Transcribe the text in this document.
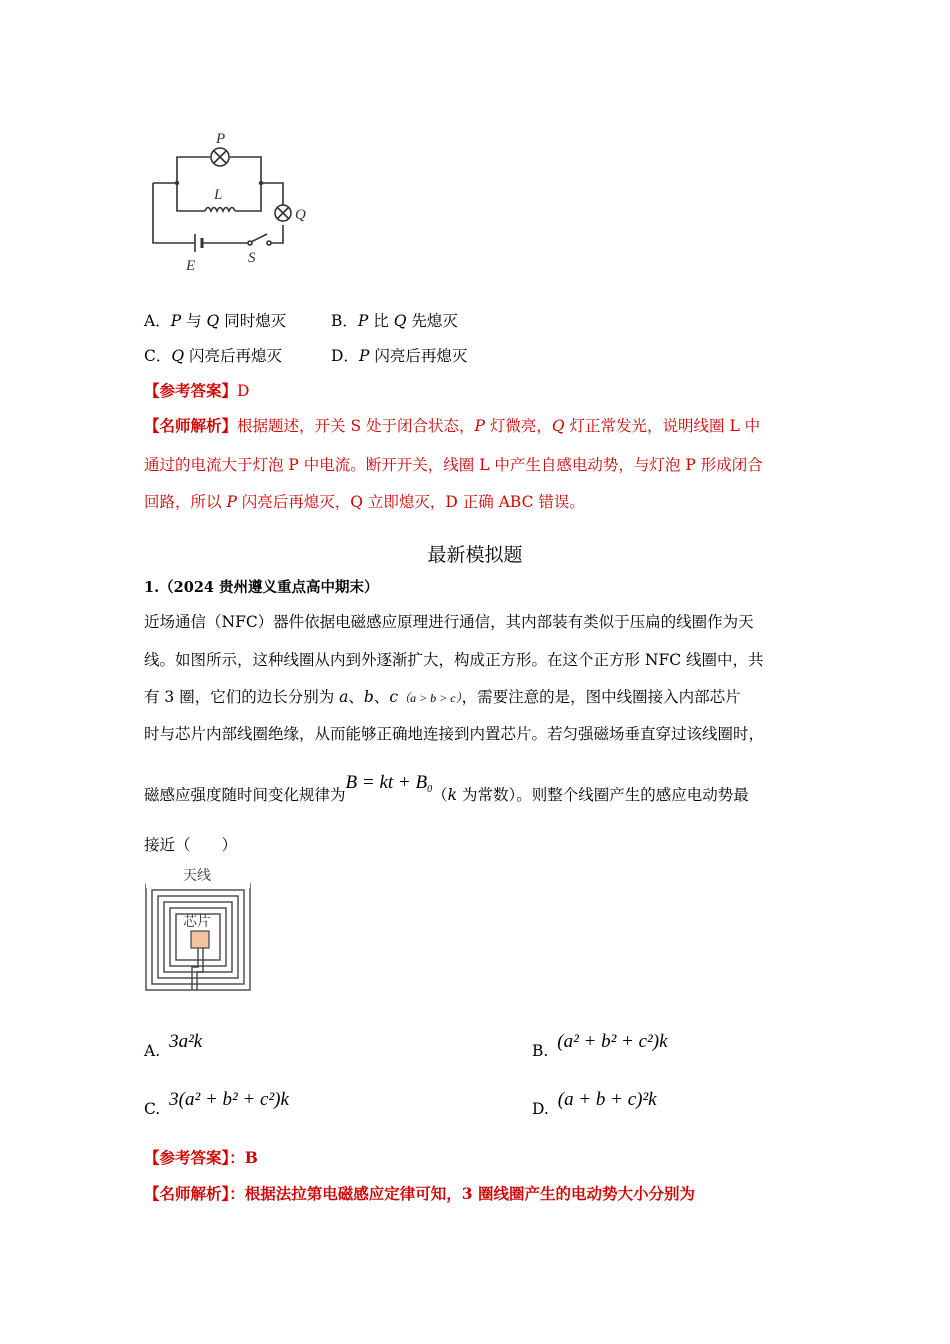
P
L
Q
E	S
A．P 与 Q 同时熄灭	B．P 比 Q 先熄灭
C．Q 闪亮后再熄灭	D．P 闪亮后再熄灭
【参考答案】D
【名师解析】根据题述，开关 S 处于闭合状态，P 灯微亮，Q 灯正常发光，说明线圈 L 中
通过的电流大于灯泡 P 中电流。断开开关，线圈 L 中产生自感电动势，与灯泡 P 形成闭合
回路，所以 P 闪亮后再熄灭，Q 立即熄灭，D 正确 ABC 错误。
最新模拟题
1.（2024 贵州遵义重点高中期末）
近场通信（NFC）器件依据电磁感应原理进行通信，其内部装有类似于压扁的线圈作为天
线。如图所示，这种线圈从内到外逐渐扩大，构成正方形。在这个正方形 NFC 线圈中，共
有 3 圈，它们的边长分别为 a、b、c（a > b > c），需要注意的是，图中线圈接入内部芯片
时与芯片内部线圈绝缘，从而能够正确地连接到内置芯片。若匀强磁场垂直穿过该线圈时，
磁感应强度随时间变化规律为B = kt + $B_0(k$ 为常数）。则整个线圈产生的感应电动势最
接近（　　）
天线
芯片
A. 3a²k	B. (a² + b² + c²)k
C. 3(a² + b² + c²)k	D. (a + b + c)²k
【参考答案】：B
【名师解析】：根据法拉第电磁感应定律可知，3 圈线圈产生的电动势大小分别为
